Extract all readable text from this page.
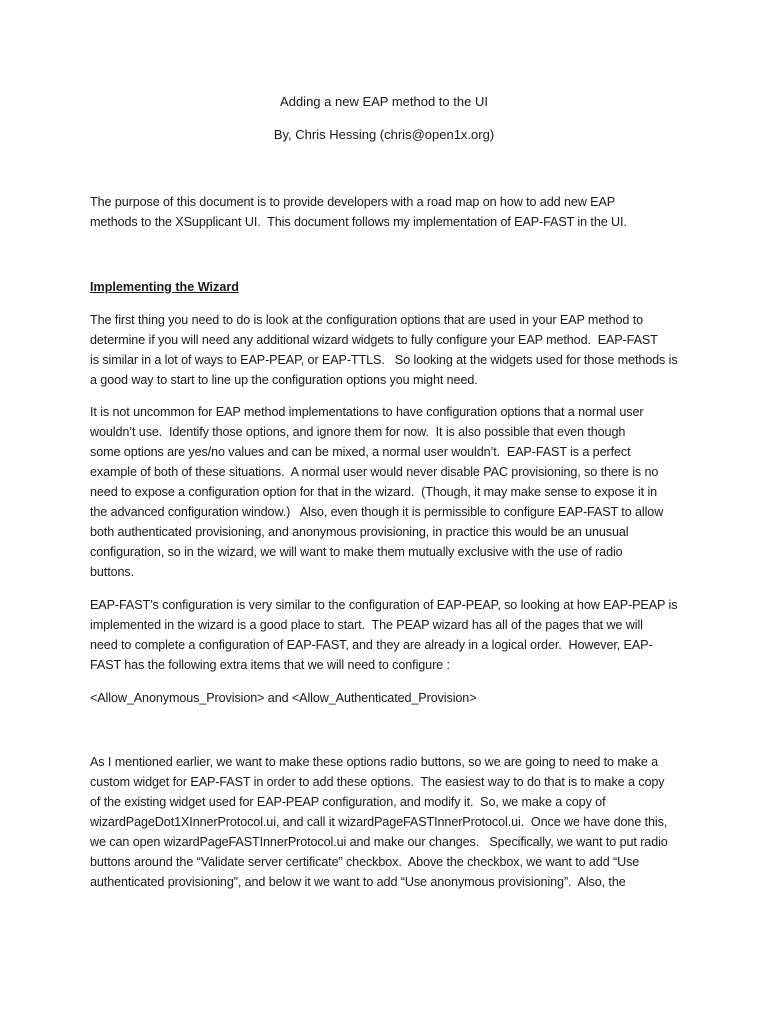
Adding a new EAP method to the UI
By, Chris Hessing (chris@open1x.org)
The purpose of this document is to provide developers with a road map on how to add new EAP
methods to the XSupplicant UI.  This document follows my implementation of EAP-FAST in the UI.
Implementing the Wizard
The first thing you need to do is look at the configuration options that are used in your EAP method to
determine if you will need any additional wizard widgets to fully configure your EAP method.  EAP-FAST
is similar in a lot of ways to EAP-PEAP, or EAP-TTLS.   So looking at the widgets used for those methods is
a good way to start to line up the configuration options you might need.
It is not uncommon for EAP method implementations to have configuration options that a normal user
wouldn’t use.  Identify those options, and ignore them for now.  It is also possible that even though
some options are yes/no values and can be mixed, a normal user wouldn’t.  EAP-FAST is a perfect
example of both of these situations.  A normal user would never disable PAC provisioning, so there is no
need to expose a configuration option for that in the wizard.  (Though, it may make sense to expose it in
the advanced configuration window.)   Also, even though it is permissible to configure EAP-FAST to allow
both authenticated provisioning, and anonymous provisioning, in practice this would be an unusual
configuration, so in the wizard, we will want to make them mutually exclusive with the use of radio
buttons.
EAP-FAST’s configuration is very similar to the configuration of EAP-PEAP, so looking at how EAP-PEAP is
implemented in the wizard is a good place to start.  The PEAP wizard has all of the pages that we will
need to complete a configuration of EAP-FAST, and they are already in a logical order.  However, EAP-
FAST has the following extra items that we will need to configure :
<Allow_Anonymous_Provision> and <Allow_Authenticated_Provision>
As I mentioned earlier, we want to make these options radio buttons, so we are going to need to make a
custom widget for EAP-FAST in order to add these options.  The easiest way to do that is to make a copy
of the existing widget used for EAP-PEAP configuration, and modify it.  So, we make a copy of
wizardPageDot1XInnerProtocol.ui, and call it wizardPageFASTInnerProtocol.ui.  Once we have done this,
we can open wizardPageFASTInnerProtocol.ui and make our changes.   Specifically, we want to put radio
buttons around the “Validate server certificate” checkbox.  Above the checkbox, we want to add “Use
authenticated provisioning”, and below it we want to add “Use anonymous provisioning”.  Also, the
